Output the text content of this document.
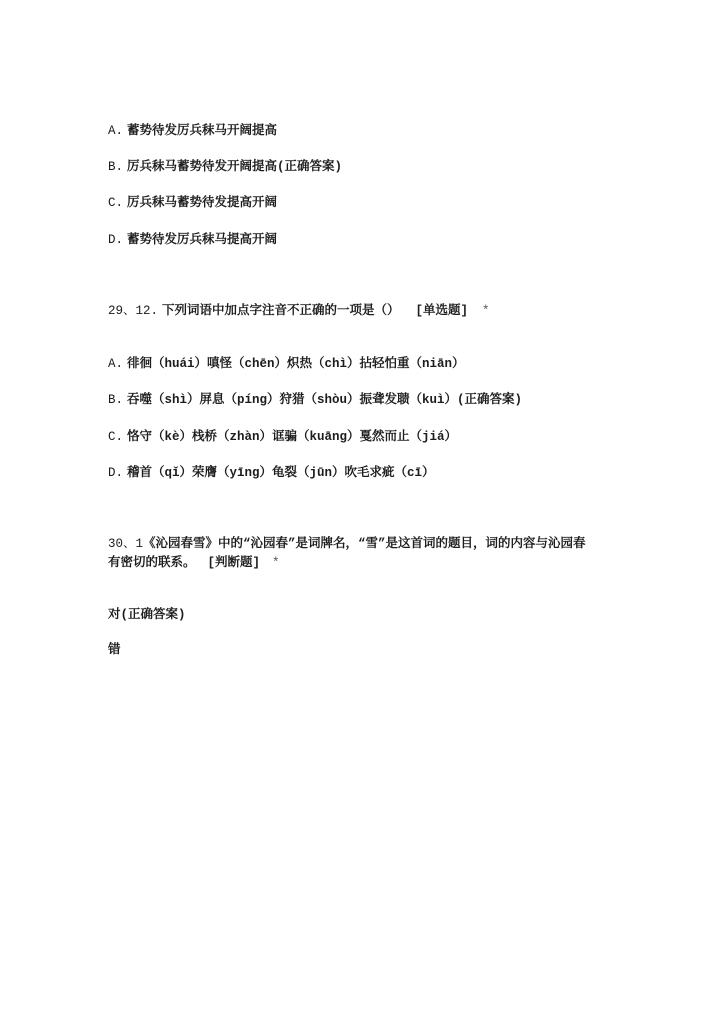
A. 蓄势待发厉兵秣马开阔提高
B. 厉兵秣马蓄势待发开阔提高(正确答案)
C. 厉兵秣马蓄势待发提高开阔
D. 蓄势待发厉兵秣马提高开阔
29、12. 下列词语中加点字注音不正确的一项是（） [单选题] *
A. 徘徊（huái）嗔怪（chēn）炽热（chì）拈轻怕重（niān）
B. 吞噬（shì）屏息（píng）狩猎（shòu）振聋发聩（kuì）(正确答案)
C. 恪守（kè）栈桥（zhàn）诓骗（kuāng）戛然而止（jiá）
D. 稽首（qǐ）荣膺（yīng）龟裂（jūn）吹毛求疵（cī）
30、1《沁园春雪》中的“沁园春”是词牌名，“雪”是这首词的题目，词的内容与沁园春
有密切的联系。 [判断题] *
对(正确答案)
错
